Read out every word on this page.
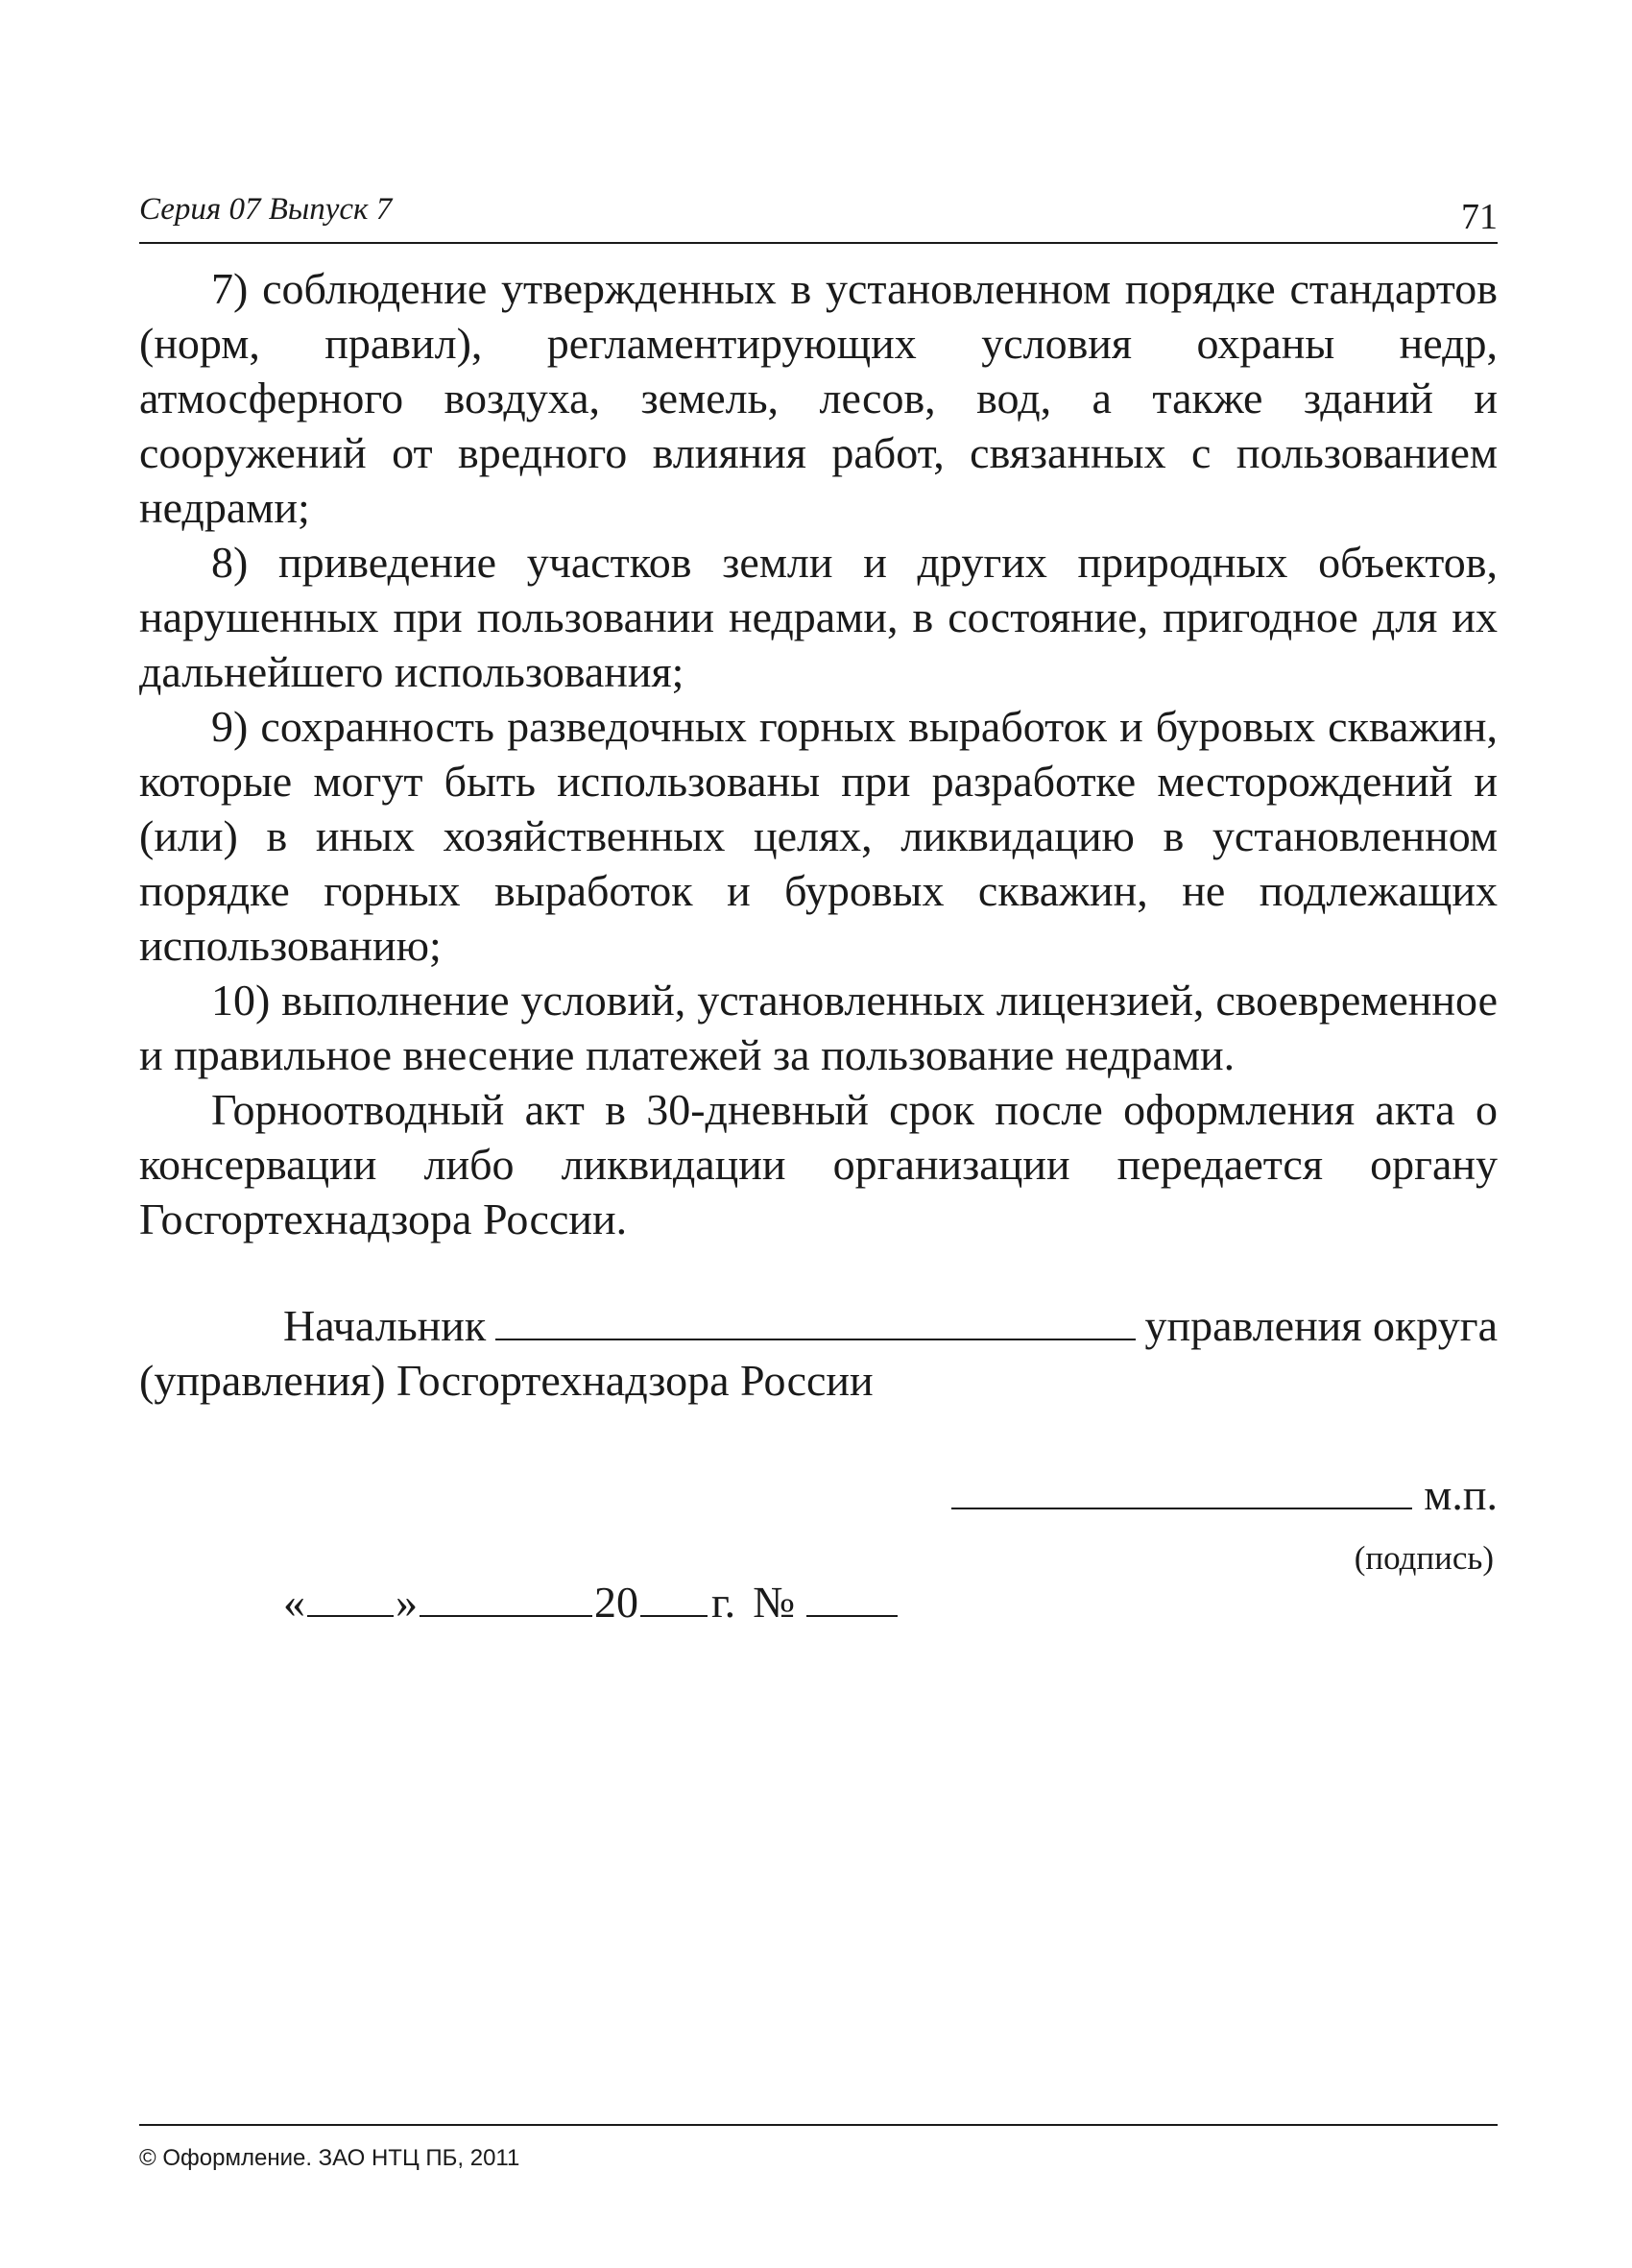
Серия 07 Выпуск 7	71

7) соблюдение утвержденных в установленном порядке стандартов (норм, правил), регламентирующих условия охраны недр, атмосферного воздуха, земель, лесов, вод, а также зданий и сооружений от вредного влияния работ, связанных с пользованием недрами;

8) приведение участков земли и других природных объектов, нарушенных при пользовании недрами, в состояние, пригодное для их дальнейшего использования;

9) сохранность разведочных горных выработок и буровых скважин, которые могут быть использованы при разработке месторождений и (или) в иных хозяйственных целях, ликвидацию в установленном порядке горных выработок и буровых скважин, не подлежащих использованию;

10) выполнение условий, установленных лицензией, своевременное и правильное внесение платежей за пользование недрами.

Горноотводный акт в 30-дневный срок после оформления акта о консервации либо ликвидации организации передается органу Госгортехнадзора России.

Начальник	управления округа
(управления) Госгортехнадзора России
м.п.
(подпись)
« »	20 г. №
© Оформление. ЗАО НТЦ ПБ, 2011
